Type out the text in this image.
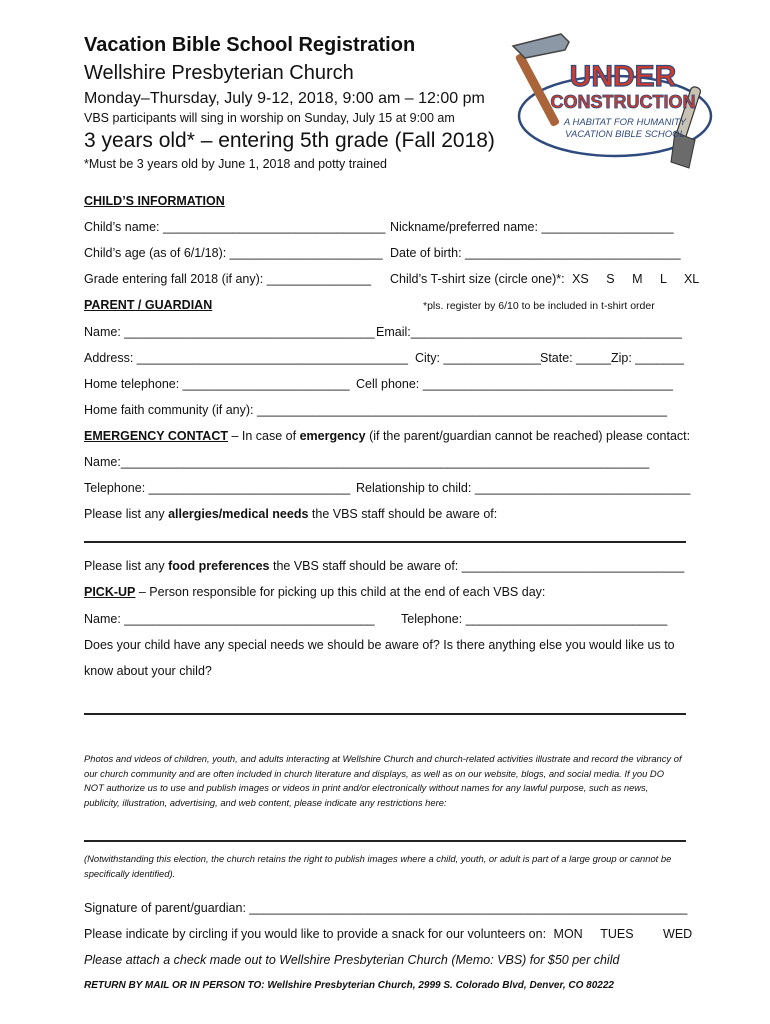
Vacation Bible School Registration
Wellshire Presbyterian Church
Monday–Thursday, July 9-12, 2018, 9:00 am – 12:00 pm
VBS participants will sing in worship on Sunday, July 15 at 9:00 am
3 years old* – entering 5th grade (Fall 2018)
*Must be 3 years old by June 1, 2018 and potty trained
UNDER
CONSTRUCTION
A HABITAT FOR HUMANITY
VACATION BIBLE SCHOOL
CHILD’S INFORMATION
Child’s name: ________________________________ Nickname/preferred name: ___________________
Child’s age (as of 6/1/18): ______________________ Date of birth: _______________________________
Grade entering fall 2018 (if any): _______________ Child’s T-shirt size (circle one)*: XS S M L XL
PARENT / GUARDIAN	*pls. register by 6/10 to be included in t-shirt order
Name: ____________________________________ Email:_______________________________________
Address: _______________________________________ City: ______________ State: _____ Zip: _______
Home telephone: ________________________ Cell phone: ____________________________________
Home faith community (if any): ___________________________________________________________
EMERGENCY CONTACT – In case of emergency (if the parent/guardian cannot be reached) please contact:
Name:____________________________________________________________________________
Telephone: _____________________________ Relationship to child: _______________________________
Please list any allergies/medical needs the VBS staff should be aware of:
Please list any food preferences the VBS staff should be aware of: ________________________________
PICK-UP – Person responsible for picking up this child at the end of each VBS day:
Name: ____________________________________ Telephone: _____________________________
Does your child have any special needs we should be aware of? Is there anything else you would like us to
know about your child?
Photos and videos of children, youth, and adults interacting at Wellshire Church and church-related activities illustrate and record the vibrancy of our church community and are often included in church literature and displays, as well as on our website, blogs, and social media. If you DO NOT authorize us to use and publish images or videos in print and/or electronically without names for any lawful purpose, such as news, publicity, illustration, advertising, and web content, please indicate any restrictions here:
(Notwithstanding this election, the church retains the right to publish images where a child, youth, or adult is part of a large group or cannot be specifically identified).
Signature of parent/guardian: _______________________________________________________________
Please indicate by circling if you would like to provide a snack for our volunteers on: MON TUES WED
Please attach a check made out to Wellshire Presbyterian Church (Memo: VBS) for $50 per child
RETURN BY MAIL OR IN PERSON TO: Wellshire Presbyterian Church, 2999 S. Colorado Blvd, Denver, CO 80222
